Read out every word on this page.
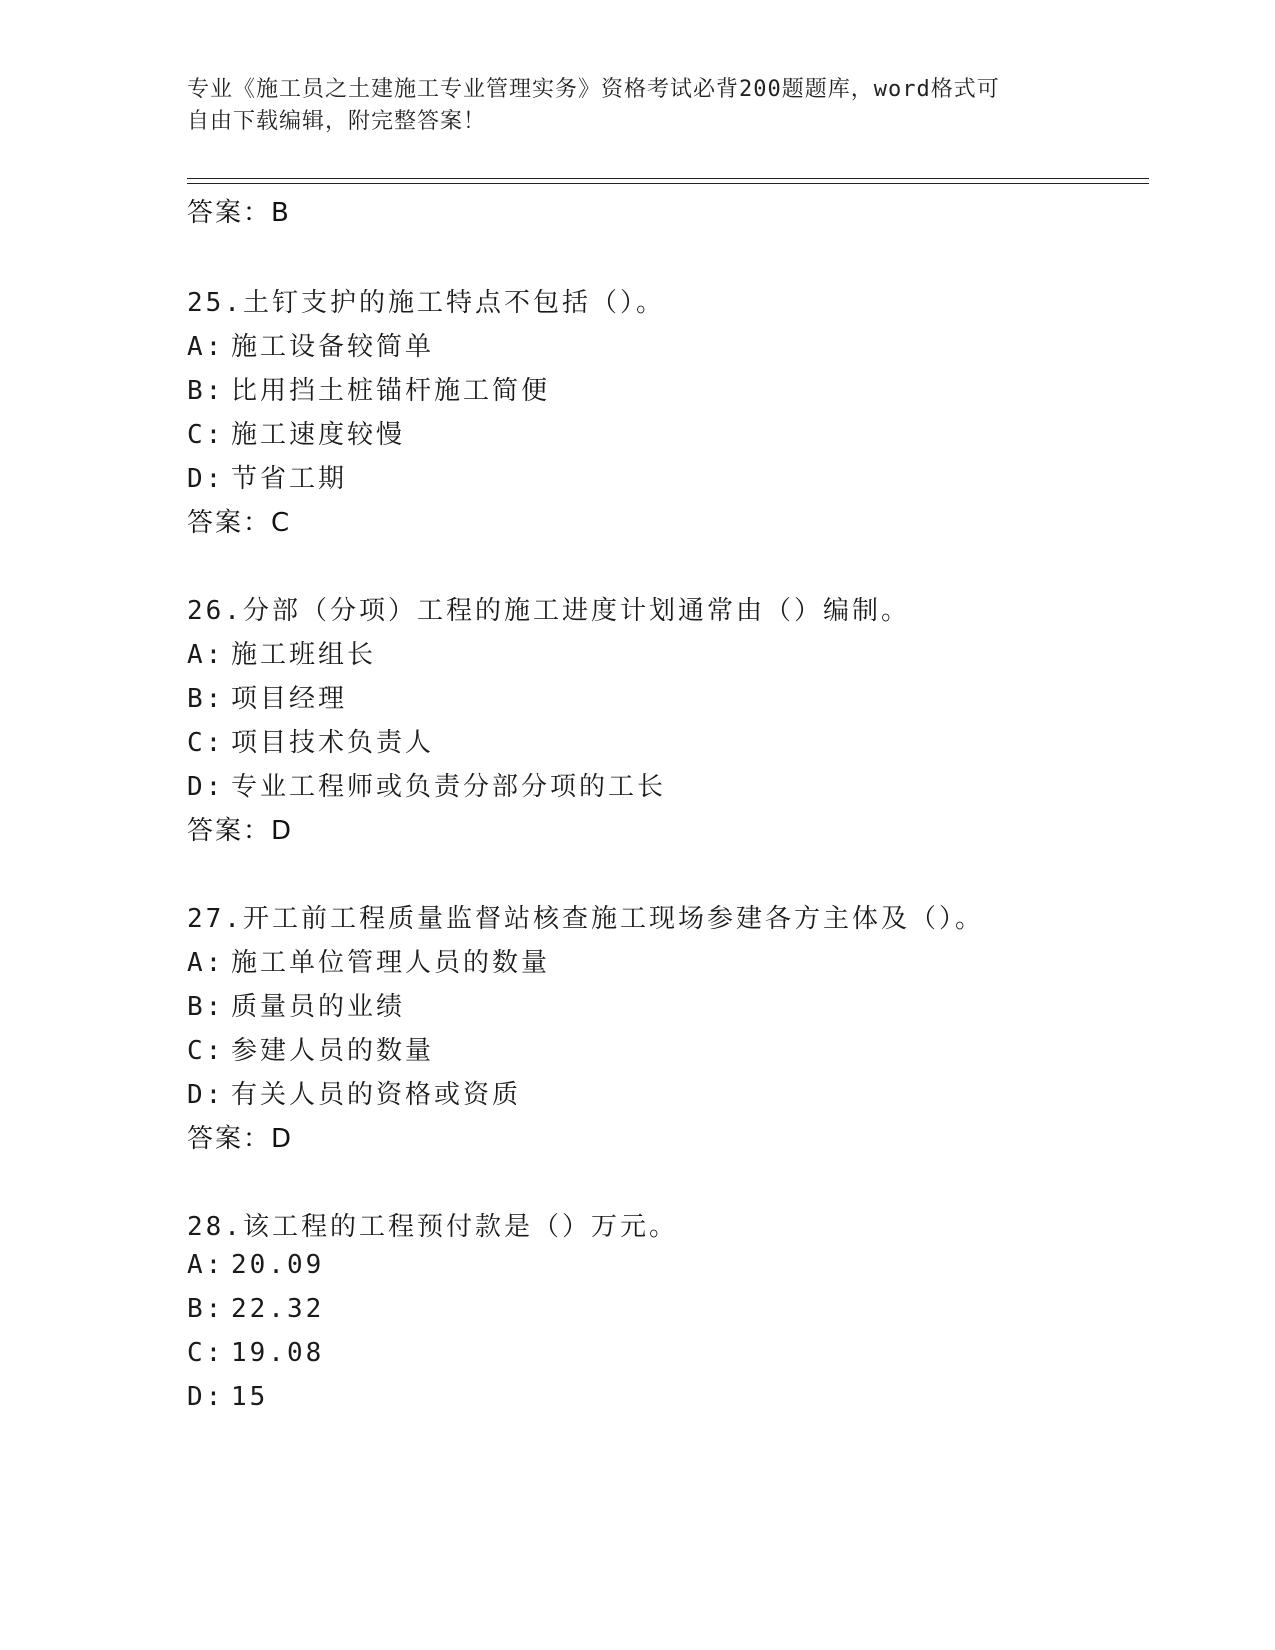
专业《施工员之土建施工专业管理实务》资格考试必背200题题库，word格式可
自由下载编辑，附完整答案！
答案：B
25.土钉支护的施工特点不包括（）。
A: 施工设备较简单
B: 比用挡土桩锚杆施工简便
C: 施工速度较慢
D: 节省工期
答案：C
26.分部（分项）工程的施工进度计划通常由（）编制。
A: 施工班组长
B: 项目经理
C: 项目技术负责人
D: 专业工程师或负责分部分项的工长
答案：D
27.开工前工程质量监督站核查施工现场参建各方主体及（）。
A: 施工单位管理人员的数量
B: 质量员的业绩
C: 参建人员的数量
D: 有关人员的资格或资质
答案：D
28.该工程的工程预付款是（）万元。
A: 20.09
B: 22.32
C: 19.08
D: 15
